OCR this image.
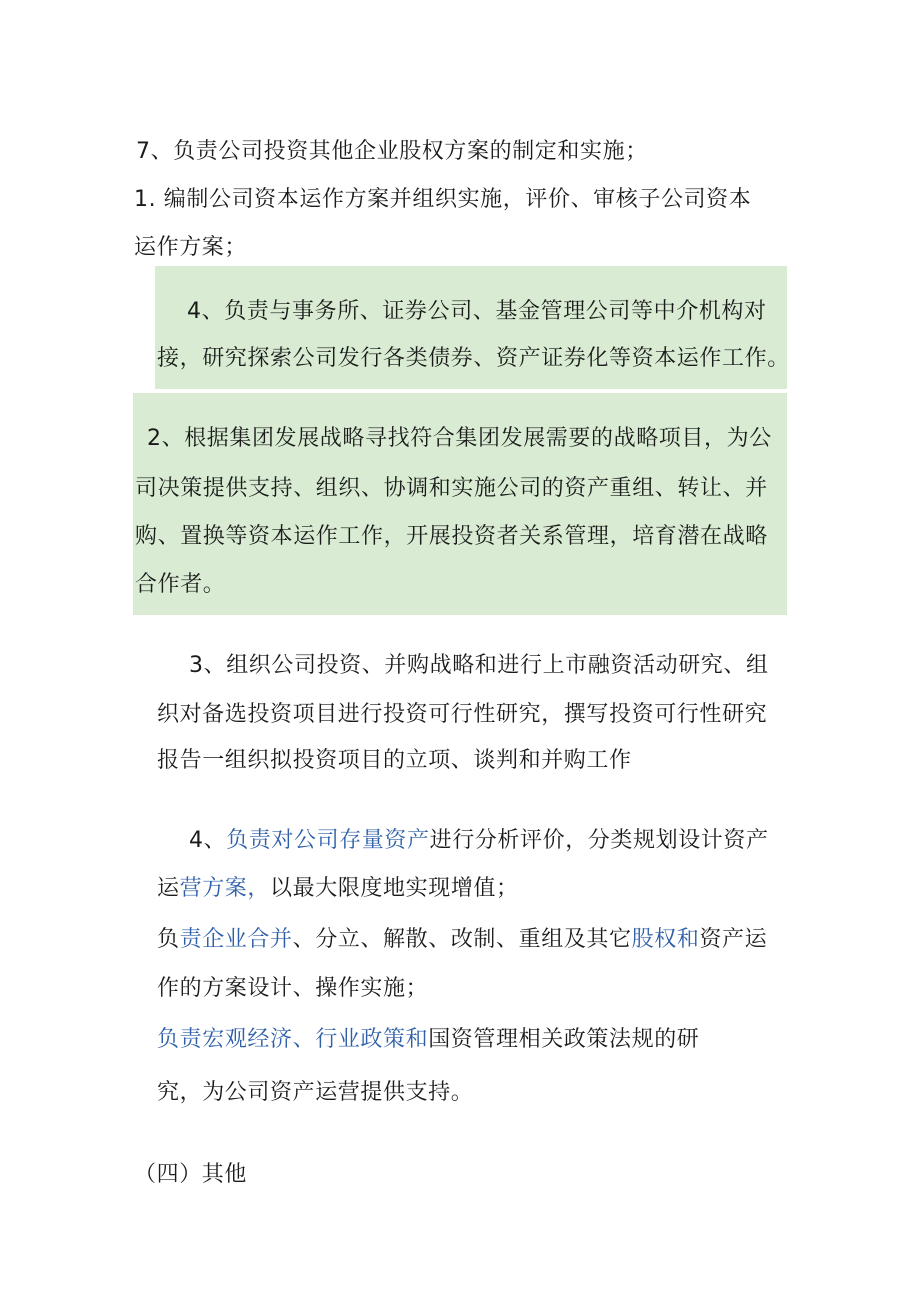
7、负责公司投资其他企业股权方案的制定和实施；
1. 编制公司资本运作方案并组织实施，评价、审核子公司资本
运作方案；
4、负责与事务所、证券公司、基金管理公司等中介机构对
接，研究探索公司发行各类债券、资产证券化等资本运作工作。
2、根据集团发展战略寻找符合集团发展需要的战略项目，为公
司决策提供支持、组织、协调和实施公司的资产重组、转让、并
购、置换等资本运作工作，开展投资者关系管理，培育潜在战略
合作者。
3、组织公司投资、并购战略和进行上市融资活动研究、组
织对备选投资项目进行投资可行性研究，撰写投资可行性研究
报告一组织拟投资项目的立项、谈判和并购工作
4、负责对公司存量资产进行分析评价，分类规划设计资产
运营方案，以最大限度地实现增值；
负责企业合并、分立、解散、改制、重组及其它股权和资产运
作的方案设计、操作实施；
负责宏观经济、行业政策和国资管理相关政策法规的研
究，为公司资产运营提供支持。
（四）其他
